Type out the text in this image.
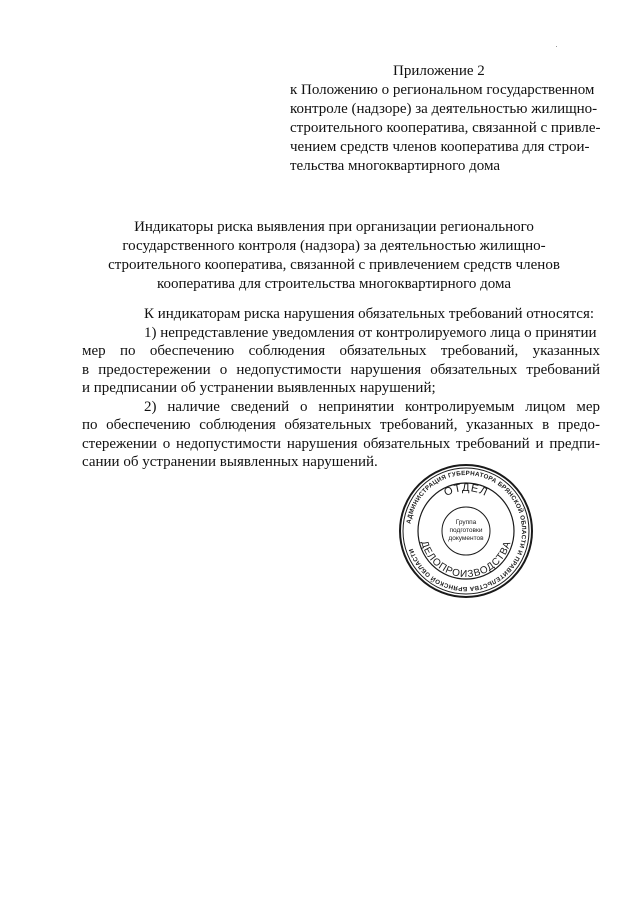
Приложение 2
к Положению о региональном государственном
контроле (надзоре) за деятельностью жилищно-
строительного кооператива, связанной с привле-
чением средств членов кооператива для строи-
тельства многоквартирного дома
Индикаторы риска выявления при организации регионального
государственного контроля (надзора) за деятельностью жилищно-
строительного кооператива, связанной с привлечением средств членов
кооператива для строительства многоквартирного дома
К индикаторам риска нарушения обязательных требований относятся:
1) непредставление уведомления от контролируемого лица о принятии
мер по обеспечению соблюдения обязательных требований, указанных
в предостережении о недопустимости нарушения обязательных требований
и предписании об устранении выявленных нарушений;
2) наличие сведений о непринятии контролируемым лицом мер
по обеспечению соблюдения обязательных требований, указанных в предо-
стережении о недопустимости нарушения обязательных требований и предпи-
сании об устранении выявленных нарушений.
АДМИНИСТРАЦИЯ ГУБЕРНАТОРА БРЯНСКОЙ ОБЛАСТИ И ПРАВИТЕЛЬСТВА БРЯНСКОЙ ОБЛАСТИ
ОТДЕЛ
ДЕЛОПРОИЗВОДСТВА
Группа
подготовки
документов
